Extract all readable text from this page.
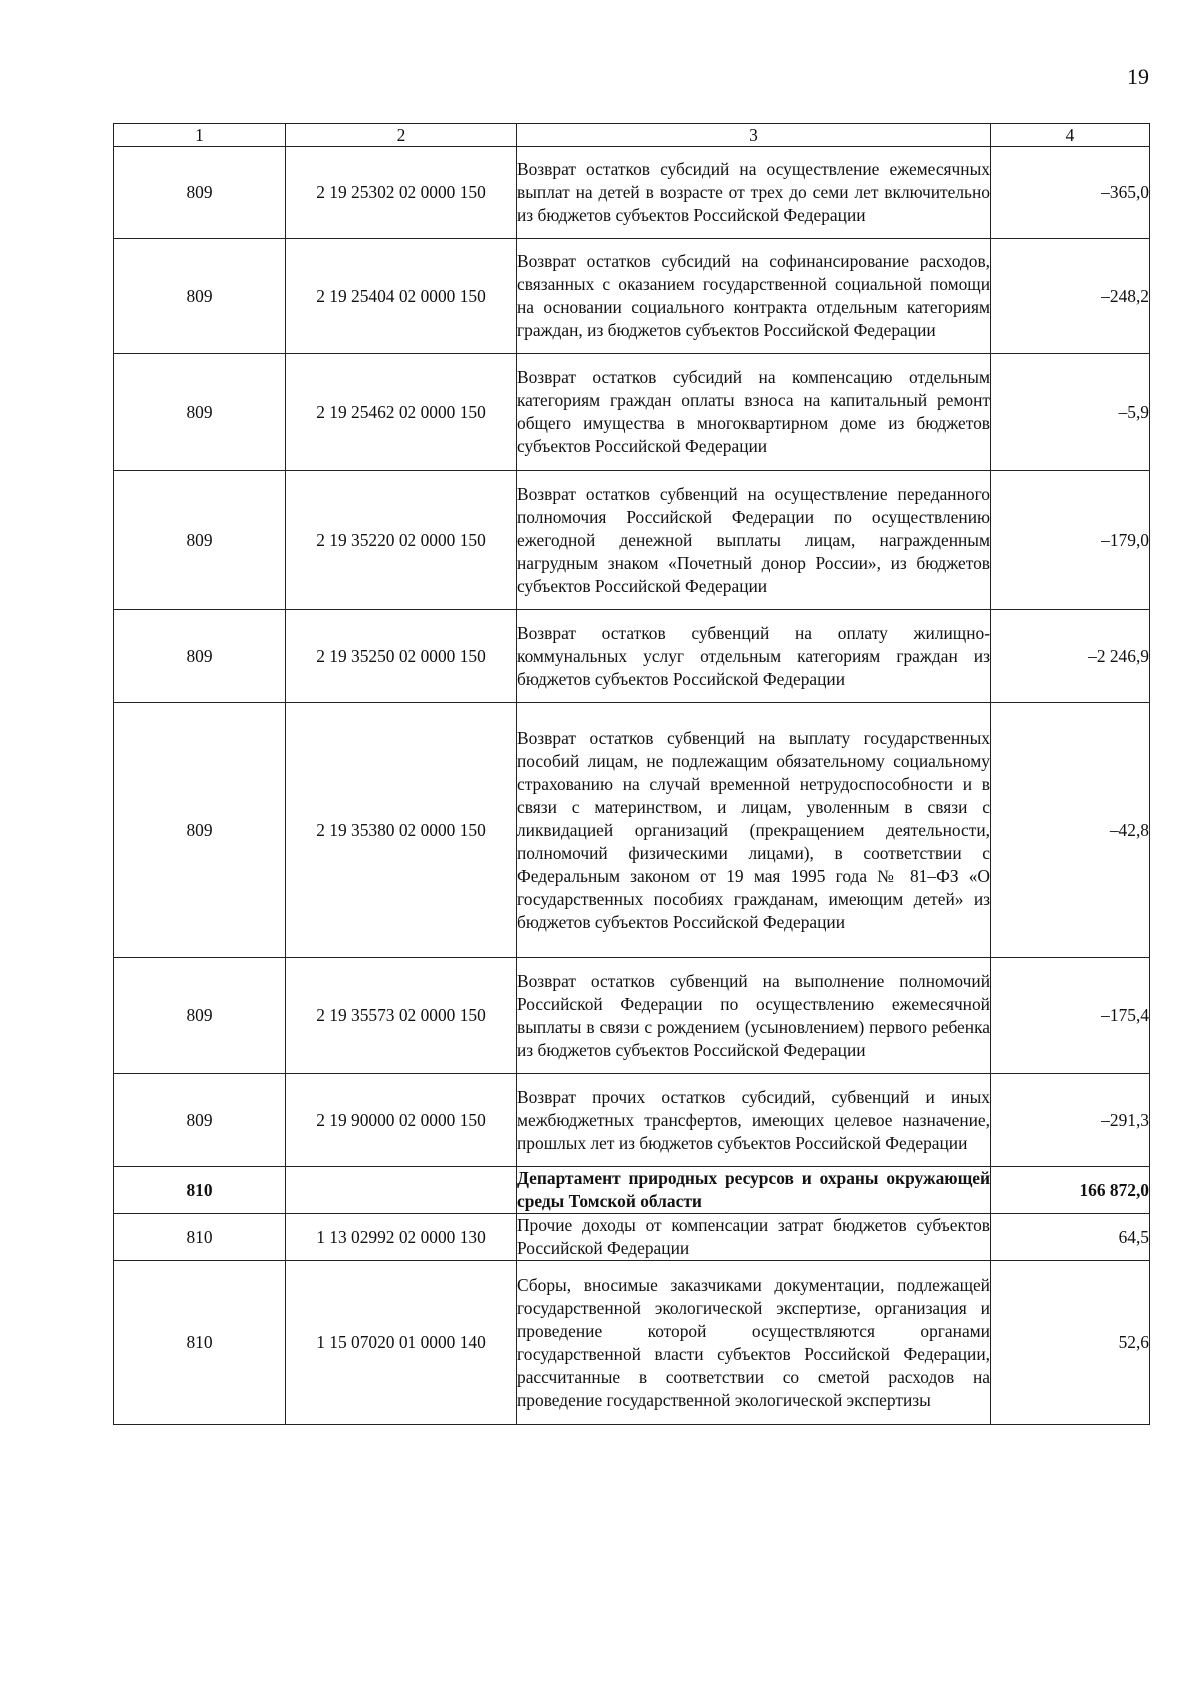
19
1	2	3	4
809	2 19 25302 02 0000 150	Возврат остатков субсидий на осуществление ежемесячных выплат на детей в возрасте от трех до семи лет включительно из бюджетов субъектов Российской Федерации	–365,0
809	2 19 25404 02 0000 150	Возврат остатков субсидий на софинансирование расходов, связанных с оказанием государственной социальной помощи на основании социального контракта отдельным категориям граждан, из бюджетов субъектов Российской Федерации	–248,2
809	2 19 25462 02 0000 150	Возврат остатков субсидий на компенсацию отдельным категориям граждан оплаты взноса на капитальный ремонт общего имущества в многоквартирном доме из бюджетов субъектов Российской Федерации	–5,9
809	2 19 35220 02 0000 150	Возврат остатков субвенций на осуществление переданного полномочия Российской Федерации по осуществлению ежегодной денежной выплаты лицам, награжденным нагрудным знаком «Почетный донор России», из бюджетов субъектов Российской Федерации	–179,0
809	2 19 35250 02 0000 150	Возврат остатков субвенций на оплату жилищно-коммунальных услуг отдельным категориям граждан из бюджетов субъектов Российской Федерации	–2 246,9
809	2 19 35380 02 0000 150	Возврат остатков субвенций на выплату государственных пособий лицам, не подлежащим обязательному социальному страхованию на случай временной нетрудоспособности и в связи с материнством, и лицам, уволенным в связи с ликвидацией организаций (прекращением деятельности, полномочий физическими лицами), в соответствии с Федеральным законом от 19 мая 1995 года № 81–ФЗ «О государственных пособиях гражданам, имеющим детей» из бюджетов субъектов Российской Федерации	–42,8
809	2 19 35573 02 0000 150	Возврат остатков субвенций на выполнение полномочий Российской Федерации по осуществлению ежемесячной выплаты в связи с рождением (усыновлением) первого ребенка из бюджетов субъектов Российской Федерации	–175,4
809	2 19 90000 02 0000 150	Возврат прочих остатков субсидий, субвенций и иных межбюджетных трансфертов, имеющих целевое назначение, прошлых лет из бюджетов субъектов Российской Федерации	–291,3
810		Департамент природных ресурсов и охраны окружающей среды Томской области	166 872,0
810	1 13 02992 02 0000 130	Прочие доходы от компенсации затрат бюджетов субъектов Российской Федерации	64,5
810	1 15 07020 01 0000 140	Сборы, вносимые заказчиками документации, подлежащей государственной экологической экспертизе, организация и проведение которой осуществляются органами государственной власти субъектов Российской Федерации, рассчитанные в соответствии со сметой расходов на проведение государственной экологической экспертизы	52,6
